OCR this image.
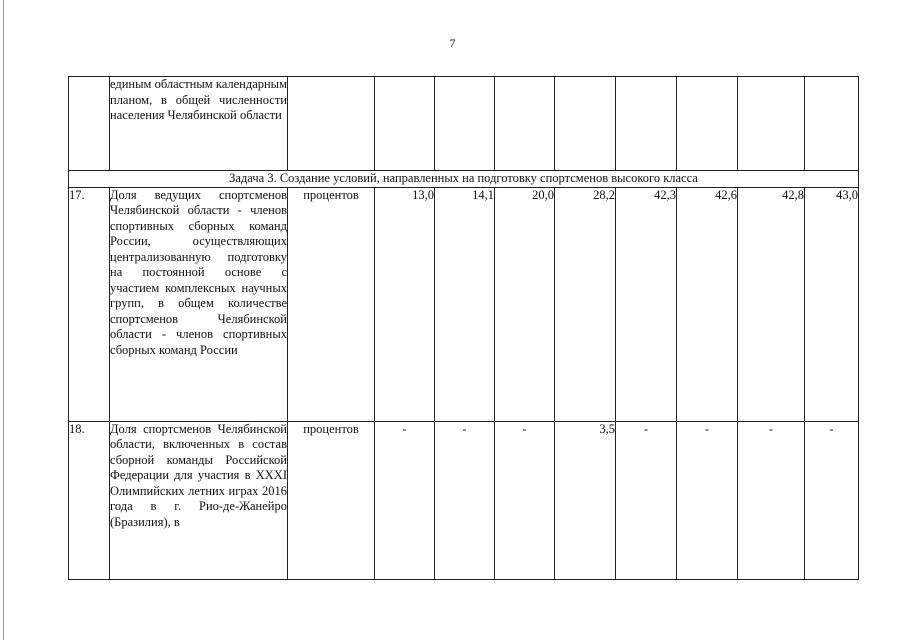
7
	единым областным календарным планом, в общей численности населения Челябинской области									
Задача 3. Создание условий, направленных на подготовку спортсменов высокого класса										
17.	Доля ведущих спортсменов Челябинской области - членов спортивных сборных команд России, осуществляющих централизованную подготовку на постоянной основе с участием комплексных научных групп, в общем количестве спортсменов Челябинской области - членов спортивных сборных команд России	процентов	13,0	14,1	20,0	28,2	42,3	42,6	42,8	43,0
18.	Доля спортсменов Челябинской области, включенных в состав сборной команды Российской Федерации для участия в XXXI Олимпийских летних играх 2016 года в г. Рио-де-Жанейро (Бразилия), в	процентов	-	-	-	3,5	-	-	-	-
